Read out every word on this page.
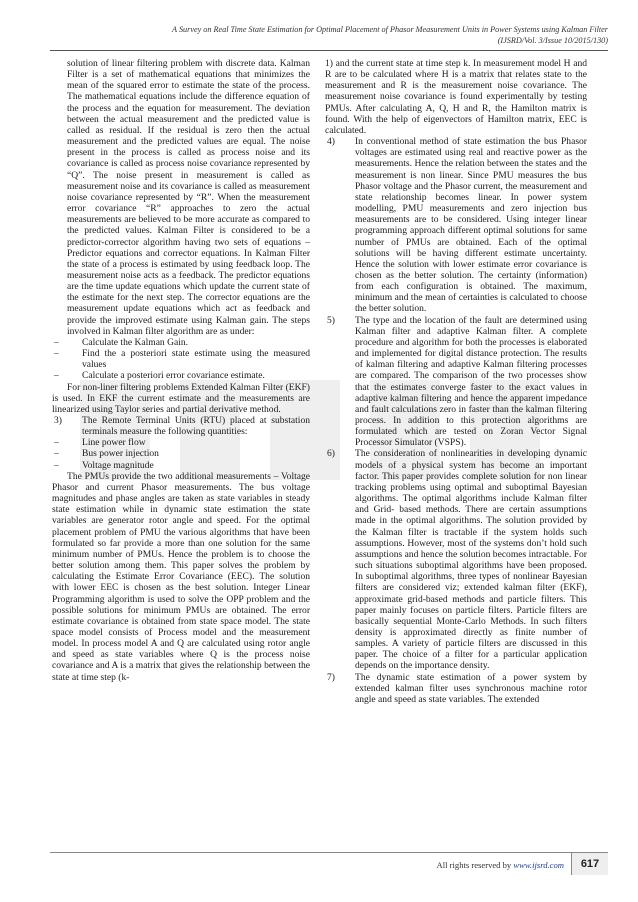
A Survey on Real Time State Estimation for Optimal Placement of Phasor Measurement Units in Power Systems using Kalman Filter
(IJSRD/Vol. 3/Issue 10/2015/130)

solution of linear filtering problem with discrete data. Kalman Filter is a set of mathematical equations that minimizes the mean of the squared error to estimate the state of the process. The mathematical equations include the difference equation of the process and the equation for measurement. The deviation between the actual measurement and the predicted value is called as residual. If the residual is zero then the actual measurement and the predicted values are equal. The noise present in the process is called as process noise and its covariance is called as process noise covariance represented by “Q”. The noise present in measurement is called as measurement noise and its covariance is called as measurement noise covariance represented by “R”. When the measurement error covariance “R” approaches to zero the actual measurements are believed to be more accurate as compared to the predicted values. Kalman Filter is considered to be a predictor-corrector algorithm having two sets of equations –Predictor equations and corrector equations. In Kalman Filter the state of a process is estimated by using feedback loop. The measurement noise acts as a feedback. The predictor equations are the time update equations which update the current state of the estimate for the next step. The corrector equations are the measurement update equations which act as feedback and provide the improved estimate using Kalman gain. The steps involved in Kalman filter algorithm are as under:

– Calculate the Kalman Gain.
– Find the a posteriori state estimate using the measured values
– Calculate a posteriori error covariance estimate.

For non-liner filtering problems Extended Kalman Filter (EKF) is used. In EKF the current estimate and the measurements are linearized using Taylor series and partial derivative method.

3) The Remote Terminal Units (RTU) placed at substation terminals measure the following quantities:
– Line power flow
– Bus power injection
– Voltage magnitude

The PMUs provide the two additional measurements – Voltage Phasor and current Phasor measurements. The bus voltage magnitudes and phase angles are taken as state variables in steady state estimation while in dynamic state estimation the state variables are generator rotor angle and speed. For the optimal placement problem of PMU the various algorithms that have been formulated so far provide a more than one solution for the same minimum number of PMUs. Hence the problem is to choose the better solution among them. This paper solves the problem by calculating the Estimate Error Covariance (EEC). The solution with lower EEC is chosen as the best solution. Integer Linear Programming algorithm is used to solve the OPP problem and the possible solutions for minimum PMUs are obtained. The error estimate covariance is obtained from state space model. The state space model consists of Process model and the measurement model. In process model A and Q are calculated using rotor angle and speed as state variables where Q is the process noise covariance and A is a matrix that gives the relationship between the state at time step (k-

1) and the current state at time step k. In measurement model H and R are to be calculated where H is a matrix that relates state to the measurement and R is the measurement noise covariance. The measurement noise covariance is found experimentally by testing PMUs. After calculating A, Q, H and R, the Hamilton matrix is found. With the help of eigenvectors of Hamilton matrix, EEC is calculated.

4) In conventional method of state estimation the bus Phasor voltages are estimated using real and reactive power as the measurements. Hence the relation between the states and the measurement is non linear. Since PMU measures the bus Phasor voltage and the Phasor current, the measurement and state relationship becomes linear. In power system modelling, PMU measurements and zero injection bus measurements are to be considered. Using integer linear programming approach different optimal solutions for same number of PMUs are obtained. Each of the optimal solutions will be having different estimate uncertainty. Hence the solution with lower estimate error covariance is chosen as the better solution. The certainty (information) from each configuration is obtained. The maximum, minimum and the mean of certainties is calculated to choose the better solution.
5) The type and the location of the fault are determined using Kalman filter and adaptive Kalman filter. A complete procedure and algorithm for both the processes is elaborated and implemented for digital distance protection. The results of kalman filtering and adaptive Kalman filtering processes are compared. The comparison of the two processes show that the estimates converge faster to the exact values in adaptive kalman filtering and hence the apparent impedance and fault calculations zero in faster than the kalman filtering process. In addition to this protection algorithms are formulated which are tested on Zoran Vector Signal Processor Simulator (VSPS).
6) The consideration of nonlinearities in developing dynamic models of a physical system has become an important factor. This paper provides complete solution for non linear tracking problems using optimal and suboptimal Bayesian algorithms. The optimal algorithms include Kalman filter and Grid- based methods. There are certain assumptions made in the optimal algorithms. The solution provided by the Kalman filter is tractable if the system holds such assumptions. However, most of the systems don’t hold such assumptions and hence the solution becomes intractable. For such situations suboptimal algorithms have been proposed. In suboptimal algorithms, three types of nonlinear Bayesian filters are considered viz; extended kalman filter (EKF), approximate grid-based methods and particle filters. This paper mainly focuses on particle filters. Particle filters are basically sequential Monte-Carlo Methods. In such filters density is approximated directly as finite number of samples. A variety of particle filters are discussed in this paper. The choice of a filter for a particular application depends on the importance density.
7) The dynamic state estimation of a power system by extended kalman filter uses synchronous machine rotor angle and speed as state variables. The extended
All rights reserved by www.ijsrd.com	617
